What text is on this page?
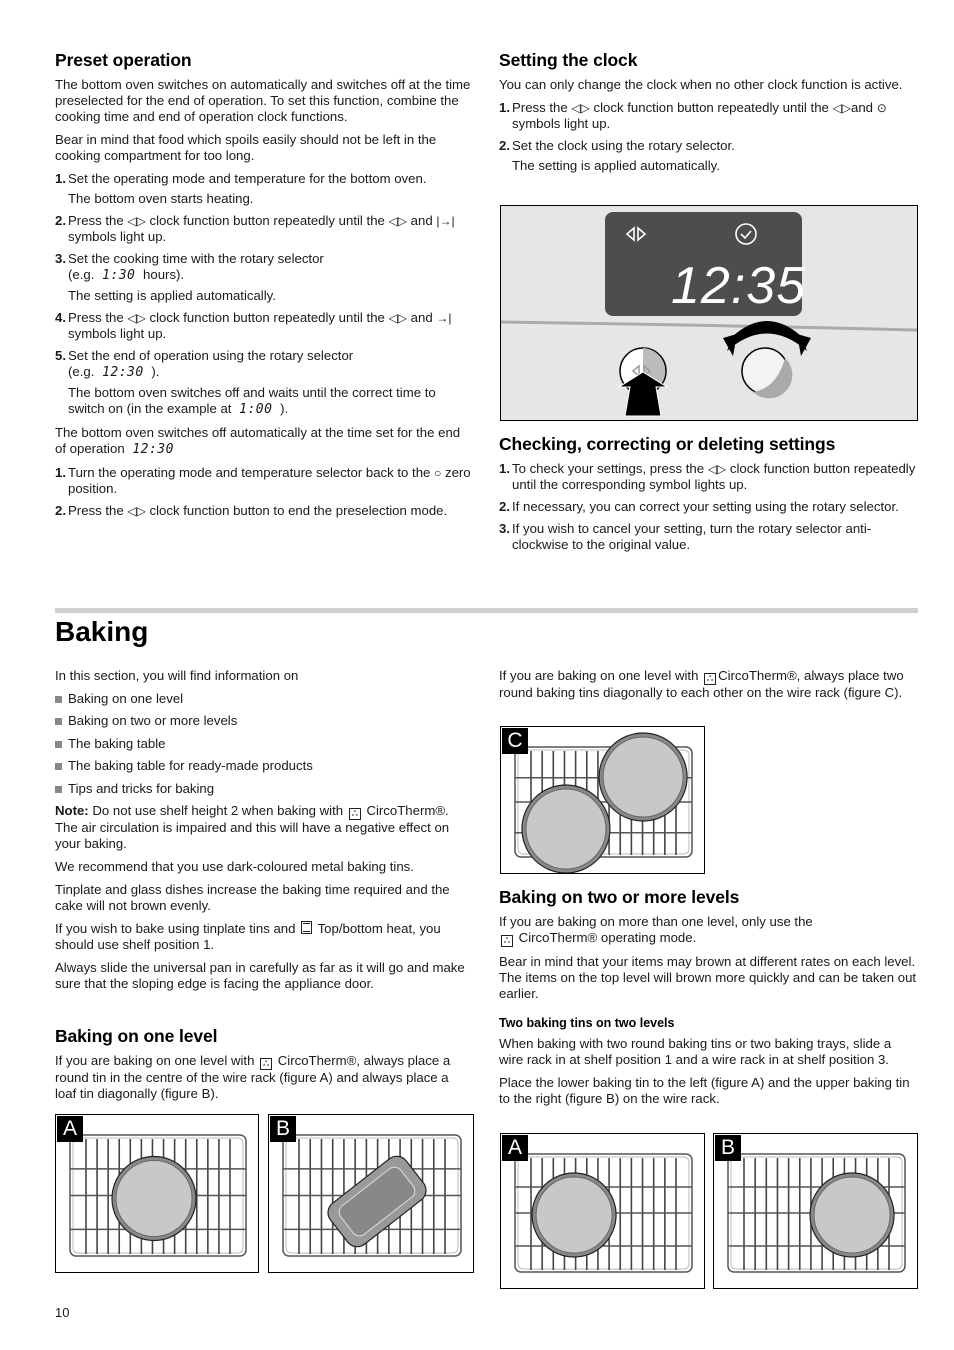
Preset operation

The bottom oven switches on automatically and switches off at the time preselected for the end of operation. To set this function, combine the cooking time and end of operation clock functions.

Bear in mind that food which spoils easily should not be left in the cooking compartment for too long.

1. Set the operating mode and temperature for the bottom oven.
The bottom oven starts heating.
2. Press the ◁▷ clock function button repeatedly until the ◁▷ and |→| symbols light up.
3. Set the cooking time with the rotary selector
(e.g. 1:30 hours).
The setting is applied automatically.
4. Press the ◁▷ clock function button repeatedly until the ◁▷ and →| symbols light up.
5. Set the end of operation using the rotary selector
(e.g. 12:30 ).
The bottom oven switches off and waits until the correct time to switch on (in the example at 1:00 ).

The bottom oven switches off automatically at the time set for the end of operation 12:30

1. Turn the operating mode and temperature selector back to the ○ zero position.
2. Press the ◁▷ clock function button to end the preselection mode.
Setting the clock

You can only change the clock when no other clock function is active.

1. Press the ◁▷ clock function button repeatedly until the ◁▷and ⊙ symbols light up.
2. Set the clock using the rotary selector.
The setting is applied automatically.
12:35
Checking, correcting or deleting settings
1. To check your settings, press the ◁▷ clock function button repeatedly until the corresponding symbol lights up.
2. If necessary, you can correct your setting using the rotary selector.
3. If you wish to cancel your setting, turn the rotary selector anti-clockwise to the original value.
Baking

In this section, you will find information on

Baking on one level
Baking on two or more levels
The baking table
The baking table for ready-made products
Tips and tricks for baking

Note: Do not use shelf height 2 when baking with ஃ CircoTherm®. The air circulation is impaired and this will have a negative effect on your baking.

We recommend that you use dark-coloured metal baking tins.

Tinplate and glass dishes increase the baking time required and the cake will not brown evenly.

If you wish to bake using tinplate tins and Top/bottom heat, you should use shelf position 1.

Always slide the universal pan in carefully as far as it will go and make sure that the sloping edge is facing the appliance door.

Baking on one level

If you are baking on one level with ஃ CircoTherm®, always place a round tin in the centre of the wire rack (figure A) and always place a loaf tin diagonally (figure B).

A	B

If you are baking on one level with ஃ CircoTherm®, always place two round baking tins diagonally to each other on the wire rack (figure C).

C
Baking on two or more levels

If you are baking on more than one level, only use the
ஃ CircoTherm® operating mode.

Bear in mind that your items may brown at different rates on each level. The items on the top level will brown more quickly and can be taken out earlier.

Two baking tins on two levels

When baking with two round baking tins or two baking trays, slide a wire rack in at shelf position 1 and a wire rack in at shelf position 3.

Place the lower baking tin to the left (figure A) and the upper baking tin to the right (figure B) on the wire rack.

A	B
10
